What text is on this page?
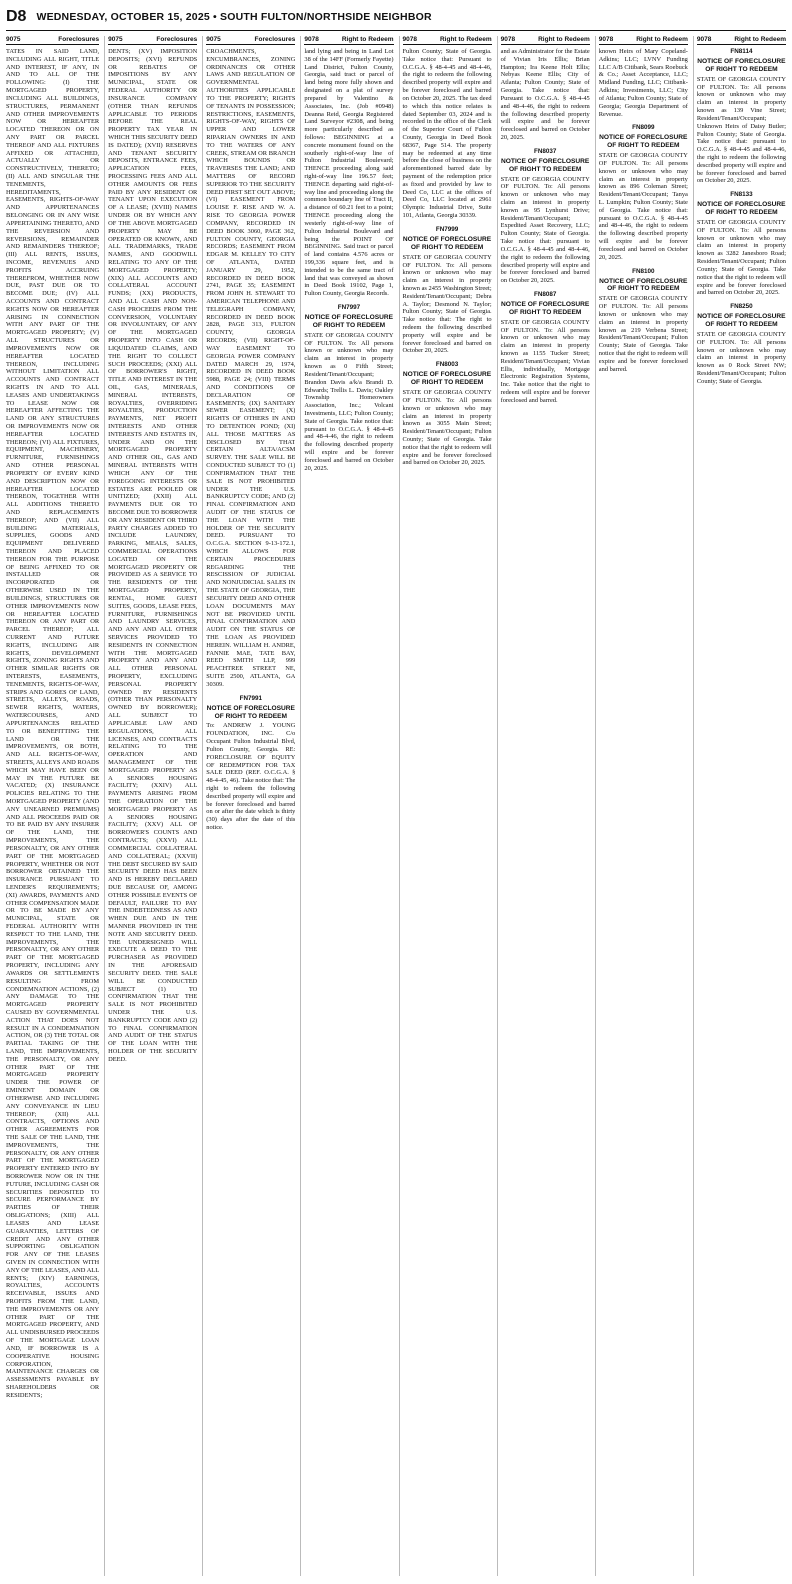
D8 WEDNESDAY, OCTOBER 15, 2025 • SOUTH FULTON/NORTHSIDE NEIGHBOR
9075	Foreclosures

TATES IN SAID LAND, INCLUDING ALL RIGHT, TITLE AND INTEREST, IF ANY, IN AND TO ALL OF THE FOLLOWING: (I) THE MORTGAGED PROPERTY, INCLUDING ALL BUILDINGS, STRUCTURES, PERMANENT AND OTHER IMPROVEMENTS NOW OR HEREAFTER LOCATED THEREON OR ON ANY PART OR PARCEL THEREOF AND ALL FIXTURES AFFIXED OR ATTACHED, ACTUALLY OR CONSTRUCTIVELY, THERETO; (II) ALL AND SINGULAR THE TENEMENTS, HEREDITAMENTS, EASEMENTS, RIGHTS-OF-WAY AND APPURTENANCES BELONGING OR IN ANY WISE APPERTAINING THERETO, AND THE REVERSION AND REVERSIONS, REMAINDER AND REMAINDERS THEREOF; (III) ALL RENTS, ISSUES, INCOME, REVENUES AND PROFITS ACCRUING THEREFROM, WHETHER NOW DUE, PAST DUE OR TO BECOME DUE; (IV) ALL ACCOUNTS AND CONTRACT RIGHTS NOW OR HEREAFTER ARISING IN CONNECTION WITH ANY PART OF THE MORTGAGED PROPERTY; (V) ALL STRUCTURES OR IMPROVEMENTS NOW OR HEREAFTER LOCATED THEREON, INCLUDING WITHOUT LIMITATION ALL ACCOUNTS AND CONTRACT RIGHTS IN AND TO ALL LEASES AND UNDERTAKINGS TO LEASE NOW OR HEREAFTER AFFECTING THE LAND OR ANY STRUCTURES OR IMPROVEMENTS NOW OR HEREAFTER LOCATED THEREON; (VI) ALL FIXTURES, EQUIPMENT, MACHINERY, FURNITURE, FURNISHINGS AND OTHER PERSONAL PROPERTY OF EVERY KIND AND DESCRIPTION NOW OR HEREAFTER LOCATED THEREON, TOGETHER WITH ALL ADDITIONS THERETO AND REPLACEMENTS THEREOF; AND (VII) ALL BUILDING MATERIALS, SUPPLIES, GOODS AND EQUIPMENT DELIVERED THEREON AND PLACED THEREON FOR THE PURPOSE OF BEING AFFIXED TO OR INSTALLED OR INCORPORATED OR OTHERWISE USED IN THE BUILDINGS, STRUCTURES OR OTHER IMPROVEMENTS NOW OR HEREAFTER LOCATED THEREON OR ANY PART OR PARCEL THEREOF; ALL CURRENT AND FUTURE RIGHTS, INCLUDING AIR RIGHTS, DEVELOPMENT RIGHTS, ZONING RIGHTS AND OTHER SIMILAR RIGHTS OR INTERESTS, EASEMENTS, TENEMENTS, RIGHTS-OF-WAY, STRIPS AND GORES OF LAND, STREETS, ALLEYS, ROADS, SEWER RIGHTS, WATERS, WATERCOURSES, AND APPURTENANCES RELATED TO OR BENEFITTING THE LAND OR THE IMPROVEMENTS, OR BOTH, AND ALL RIGHTS-OF-WAY, STREETS, ALLEYS AND ROADS WHICH MAY HAVE BEEN OR MAY IN THE FUTURE BE VACATED; (X) INSURANCE POLICIES RELATING TO THE MORTGAGED PROPERTY (AND ANY UNEARNED PREMIUMS) AND ALL PROCEEDS PAID OR TO BE PAID BY ANY INSURER OF THE LAND, THE IMPROVEMENTS, THE PERSONALTY, OR ANY OTHER PART OF THE MORTGAGED PROPERTY, WHETHER OR NOT BORROWER OBTAINED THE INSURANCE PURSUANT TO LENDER'S REQUIREMENTS; (XI) AWARDS, PAYMENTS AND OTHER COMPENSATION MADE OR TO BE MADE BY ANY MUNICIPAL, STATE OR FEDERAL AUTHORITY WITH RESPECT TO THE LAND, THE IMPROVEMENTS, THE PERSONALTY, OR ANY OTHER PART OF THE MORTGAGED PROPERTY, INCLUDING ANY AWARDS OR SETTLEMENTS RESULTING FROM CONDEMNATION ACTIONS, (2) ANY DAMAGE TO THE MORTGAGED PROPERTY CAUSED BY GOVERNMENTAL ACTION THAT DOES NOT RESULT IN A CONDEMNATION ACTION, OR (3) THE TOTAL OR PARTIAL TAKING OF THE LAND, THE IMPROVEMENTS, THE PERSONALTY, OR ANY OTHER PART OF THE MORTGAGED PROPERTY UNDER THE POWER OF EMINENT DOMAIN OR OTHERWISE AND INCLUDING ANY CONVEYANCE IN LIEU THEREOF; (XII) ALL CONTRACTS, OPTIONS AND OTHER AGREEMENTS FOR THE SALE OF THE LAND, THE IMPROVEMENTS, THE PERSONALTY, OR ANY OTHER PART OF THE MORTGAGED PROPERTY ENTERED INTO BY BORROWER NOW OR IN THE FUTURE, INCLUDING CASH OR SECURITIES DEPOSITED TO SECURE PERFORMANCE BY PARTIES OF THEIR OBLIGATIONS; (XIII) ALL LEASES AND LEASE GUARANTIES, LETTERS OF CREDIT AND ANY OTHER SUPPORTING OBLIGATION FOR ANY OF THE LEASES GIVEN IN CONNECTION WITH ANY OF THE LEASES, AND ALL RENTS; (XIV) EARNINGS, ROYALTIES, ACCOUNTS RECEIVABLE, ISSUES AND PROFITS FROM THE LAND, THE IMPROVEMENTS OR ANY OTHER PART OF THE MORTGAGED PROPERTY, AND ALL UNDISBURSED PROCEEDS OF THE MORTGAGE LOAN AND, IF BORROWER IS A COOPERATIVE HOUSING CORPORATION, MAINTENANCE CHARGES OR ASSESSMENTS PAYABLE BY SHAREHOLDERS OR RESIDENTS;

9075	Foreclosures

DENTS; (XV) IMPOSITION DEPOSITS; (XVI) REFUNDS OR REBATES OF IMPOSITIONS BY ANY MUNICIPAL, STATE OR FEDERAL AUTHORITY OR INSURANCE COMPANY (OTHER THAN REFUNDS APPLICABLE TO PERIODS BEFORE THE REAL PROPERTY TAX YEAR IN WHICH THIS SECURITY DEED IS DATED); (XVII) RESERVES AND TENANT SECURITY DEPOSITS, ENTRANCE FEES, APPLICATION FEES, PROCESSING FEES AND ALL OTHER AMOUNTS OR FEES PAID BY ANY RESIDENT OR TENANT UPON EXECUTION OF A LEASE; (XVIII) NAMES UNDER OR BY WHICH ANY OF THE ABOVE MORTGAGED PROPERTY MAY BE OPERATED OR KNOWN, AND ALL TRADEMARKS, TRADE NAMES, AND GOODWILL RELATING TO ANY OF THE MORTGAGED PROPERTY; (XIX) ALL ACCOUNTS AND COLLATERAL ACCOUNT FUNDS; (XX) PRODUCTS, AND ALL CASH AND NON-CASH PROCEEDS FROM THE CONVERSION, VOLUNTARY OR INVOLUNTARY, OF ANY OF THE MORTGAGED PROPERTY INTO CASH OR LIQUIDATED CLAIMS, AND THE RIGHT TO COLLECT SUCH PROCEEDS; (XXI) ALL OF BORROWER'S RIGHT, TITLE AND INTEREST IN THE OIL, GAS, MINERALS, MINERAL INTERESTS, ROYALTIES, OVERRIDING ROYALTIES, PRODUCTION PAYMENTS, NET PROFIT INTERESTS AND OTHER INTERESTS AND ESTATES IN, UNDER AND ON THE MORTGAGED PROPERTY AND OTHER OIL, GAS AND MINERAL INTERESTS WITH WHICH ANY OF THE FOREGOING INTERESTS OR ESTATES ARE POOLED OR UNITIZED; (XXII) ALL PAYMENTS DUE OR TO BECOME DUE TO BORROWER OR ANY RESIDENT OR THIRD PARTY CHARGES ADDED TO INCLUDE LAUNDRY, PARKING, MEALS, SALES, COMMERCIAL OPERATIONS LOCATED ON THE MORTGAGED PROPERTY OR PROVIDED AS A SERVICE TO THE RESIDENTS OF THE MORTGAGED PROPERTY, RENTAL, HOME GUEST SUITES, GOODS, LEASE FEES, FURNITURE, FURNISHINGS AND LAUNDRY SERVICES, AND ANY AND ALL OTHER SERVICES PROVIDED TO RESIDENTS IN CONNECTION WITH THE MORTGAGED PROPERTY AND ANY AND ALL OTHER PERSONAL PROPERTY, EXCLUDING PERSONAL PROPERTY OWNED BY RESIDENTS (OTHER THAN PERSONALTY OWNED BY BORROWER); ALL SUBJECT TO APPLICABLE LAW AND REGULATIONS, ALL LICENSES, AND CONTRACTS RELATING TO THE OPERATION AND MANAGEMENT OF THE MORTGAGED PROPERTY AS A SENIORS HOUSING FACILITY; (XXIV) ALL PAYMENTS ARISING FROM THE OPERATION OF THE MORTGAGED PROPERTY AS A SENIORS HOUSING FACILITY; (XXV) ALL OF BORROWER'S COUNTS AND CONTRACTS; (XXVI) ALL COMMERCIAL COLLATERAL AND COLLATERAL; (XXVII) THE DEBT SECURED BY SAID SECURITY DEED HAS BEEN AND IS HEREBY DECLARED DUE BECAUSE OF, AMONG OTHER POSSIBLE EVENTS OF DEFAULT, FAILURE TO PAY THE INDEBTEDNESS AS AND WHEN DUE AND IN THE MANNER PROVIDED IN THE NOTE AND SECURITY DEED. THE UNDERSIGNED WILL EXECUTE A DEED TO THE PURCHASER AS PROVIDED IN THE AFORESAID SECURITY DEED. THE SALE WILL BE CONDUCTED SUBJECT (1) TO CONFIRMATION THAT THE SALE IS NOT PROHIBITED UNDER THE U.S. BANKRUPTCY CODE AND (2) TO FINAL CONFIRMATION AND AUDIT OF THE STATUS OF THE LOAN WITH THE HOLDER OF THE SECURITY DEED.

9075	Foreclosures

CROACHMENTS, ENCUMBRANCES, ZONING ORDINANCES OR OTHER LAWS AND REGULATION OF GOVERNMENTAL AUTHORITIES APPLICABLE TO THE PROPERTY; RIGHTS OF TENANTS IN POSSESSION; RESTRICTIONS, EASEMENTS, RIGHTS-OF-WAY, RIGHTS OF UPPER AND LOWER RIPARIAN OWNERS IN AND TO THE WATERS OF ANY CREEK, STREAM OR BRANCH WHICH BOUNDS OR TRAVERSES THE LAND; AND MATTERS OF RECORD SUPERIOR TO THE SECURITY DEED FIRST SET OUT ABOVE; (VI) EASEMENT FROM LOUISE F. RISE AND W. A. RISE TO GEORGIA POWER COMPANY, RECORDED IN DEED BOOK 3060, PAGE 362, FULTON COUNTY, GEORGIA RECORDS; EASEMENT FROM EDGAR M. KELLEY TO CITY OF ATLANTA, DATED JANUARY 29, 1952, RECORDED IN DEED BOOK 2741, PAGE 35; EASEMENT FROM JOHN H. STEWART TO AMERICAN TELEPHONE AND TELEGRAPH COMPANY, RECORDED IN DEED BOOK 2828, PAGE 313, FULTON COUNTY, GEORGIA RECORDS; (VII) RIGHT-OF-WAY EASEMENT TO GEORGIA POWER COMPANY DATED MARCH 29, 1974, RECORDED IN DEED BOOK 5988, PAGE 24; (VIII) TERMS AND CONDITIONS OF DECLARATION OF EASEMENTS; (IX) SANITARY SEWER EASEMENT; (X) RIGHTS OF OTHERS IN AND TO DETENTION POND; (XI) ALL THOSE MATTERS AS DISCLOSED BY THAT CERTAIN ALTA/ACSM SURVEY. THE SALE WILL BE CONDUCTED SUBJECT TO (1) CONFIRMATION THAT THE SALE IS NOT PROHIBITED UNDER THE U.S. BANKRUPTCY CODE; AND (2) FINAL CONFIRMATION AND AUDIT OF THE STATUS OF THE LOAN WITH THE HOLDER OF THE SECURITY DEED. PURSUANT TO O.C.G.A. SECTION 9-13-172.1, WHICH ALLOWS FOR CERTAIN PROCEDURES REGARDING THE RESCISSION OF JUDICIAL AND NONJUDICIAL SALES IN THE STATE OF GEORGIA, THE SECURITY DEED AND OTHER LOAN DOCUMENTS MAY NOT BE PROVIDED UNTIL FINAL CONFIRMATION AND AUDIT ON THE STATUS OF THE LOAN AS PROVIDED HEREIN. WILLIAM H. ANDRE, FANNIE MAE, TATE BAY, REED SMITH LLP, 999 PEACHTREE STREET NE, SUITE 2500, ATLANTA, GA 30309.

FN7991
NOTICE OF FORECLOSURE OF RIGHT TO REDEEM

To: ANDREW J. YOUNG FOUNDATION, INC. C/o Occupant Fulton Industrial Blvd, Fulton County, Georgia. RE: FORECLOSURE OF EQUITY OF REDEMPTION FOR TAX SALE DEED (REF. O.C.G.A. § 48-4-45, 46). Take notice that: The right to redeem the following described property will expire and be forever foreclosed and barred on or after the date which is thirty (30) days after the date of this notice.

9078	Right to Redeem

land lying and being in Land Lot 38 of the 14FF (Formerly Fayette) Land District, Fulton County, Georgia, said tract or parcel of land being more fully shown and designated on a plat of survey prepared by Valentino & Associates, Inc. (Job #0948) Deanna Reid, Georgia Registered Land Surveyor #2308, and being more particularly described as follows: BEGINNING at a concrete monument found on the southerly right-of-way line of Fulton Industrial Boulevard; THENCE proceeding along said right-of-way line 196.57 feet; THENCE departing said right-of-way line and proceeding along the common boundary line of Tract II, a distance of 60.21 feet to a point; THENCE proceeding along the westerly right-of-way line of Fulton Industrial Boulevard and being the POINT OF BEGINNING. Said tract or parcel of land contains 4.576 acres or 199,336 square feet, and is intended to be the same tract of land that was conveyed as shown in Deed Book 19102, Page 1, Fulton County, Georgia Records.

FN7997
NOTICE OF FORECLOSURE OF RIGHT TO REDEEM

STATE OF GEORGIA COUNTY OF FULTON. To: All persons known or unknown who may claim an interest in property known as 0 Fifth Street; Resident/Tenant/Occupant; Brandon Davis a/k/a Brandi D. Edwards; Trellis L. Davis; Oakley Township Homeowners Association, Inc.; Volcani Investments, LLC; Fulton County; State of Georgia. Take notice that: pursuant to O.C.G.A. § 48-4-45 and 48-4-46, the right to redeem the following described property will expire and be forever foreclosed and barred on October 20, 2025.

9078	Right to Redeem

Fulton County; State of Georgia. Take notice that: Pursuant to O.C.G.A. § 48-4-45 and 48-4-46, the right to redeem the following described property will expire and be forever foreclosed and barred on October 20, 2025. The tax deed to which this notice relates is dated September 03, 2024 and is recorded in the office of the Clerk of the Superior Court of Fulton County, Georgia in Deed Book 68367, Page 514. The property may be redeemed at any time before the close of business on the aforementioned barred date by payment of the redemption price as fixed and provided by law to Deed Co, LLC at the offices of Deed Co, LLC located at 2961 Olympic Industrial Drive, Suite 101, Atlanta, Georgia 30339.

FN7999
NOTICE OF FORECLOSURE OF RIGHT TO REDEEM

STATE OF GEORGIA COUNTY OF FULTON. To: All persons known or unknown who may claim an interest in property known as 2455 Washington Street; Resident/Tenant/Occupant; Debra A. Taylor; Desmond N. Taylor; Fulton County; State of Georgia. Take notice that: The right to redeem the following described property will expire and be forever foreclosed and barred on October 20, 2025.

FN8003
NOTICE OF FORECLOSURE OF RIGHT TO REDEEM

STATE OF GEORGIA COUNTY OF FULTON. To: All persons known or unknown who may claim an interest in property known as 3055 Main Street; Resident/Tenant/Occupant; Fulton County; State of Georgia. Take notice that the right to redeem will expire and be forever foreclosed and barred on October 20, 2025.

9078	Right to Redeem

and as Administrator for the Estate of Vivian Iris Ellis; Brian Hampton; Ira Keene Holt Ellis; Nebyas Keene Ellis; City of Atlanta; Fulton County; State of Georgia. Take notice that: Pursuant to O.C.G.A. § 48-4-45 and 48-4-46, the right to redeem the following described property will expire and be forever foreclosed and barred on October 20, 2025.

FN8037
NOTICE OF FORECLOSURE OF RIGHT TO REDEEM

STATE OF GEORGIA COUNTY OF FULTON. To: All persons known or unknown who may claim an interest in property known as 95 Lynhurst Drive; Resident/Tenant/Occupant; Expedited Asset Recovery, LLC; Fulton County; State of Georgia. Take notice that: pursuant to O.C.G.A. § 48-4-45 and 48-4-46, the right to redeem the following described property will expire and be forever foreclosed and barred on October 20, 2025.

FN8087
NOTICE OF FORECLOSURE OF RIGHT TO REDEEM

STATE OF GEORGIA COUNTY OF FULTON. To: All persons known or unknown who may claim an interest in property known as 1155 Tucker Street; Resident/Tenant/Occupant; Vivian Ellis, individually, Mortgage Electronic Registration Systems, Inc. Take notice that the right to redeem will expire and be forever foreclosed and barred.

9078	Right to Redeem

known Heirs of Mary Copeland-Adkins; LLC; LVNV Funding LLC A/B Citibank, Sears Roebuck & Co.; Asset Acceptance, LLC; Midland Funding, LLC; Citibank-Adkins; Investments, LLC; City of Atlanta; Fulton County; State of Georgia; Georgia Department of Revenue.

FN8099
NOTICE OF FORECLOSURE OF RIGHT TO REDEEM

STATE OF GEORGIA COUNTY OF FULTON. To: All persons known or unknown who may claim an interest in property known as 896 Coleman Street; Resident/Tenant/Occupant; Tanya L. Lumpkin; Fulton County; State of Georgia. Take notice that: pursuant to O.C.G.A. § 48-4-45 and 48-4-46, the right to redeem the following described property will expire and be forever foreclosed and barred on October 20, 2025.

FN8100
NOTICE OF FORECLOSURE OF RIGHT TO REDEEM

STATE OF GEORGIA COUNTY OF FULTON. To: All persons known or unknown who may claim an interest in property known as 219 Verbena Street; Resident/Tenant/Occupant; Fulton County; State of Georgia. Take notice that the right to redeem will expire and be forever foreclosed and barred.

9078	Right to Redeem
FN8114
NOTICE OF FORECLOSURE OF RIGHT TO REDEEM

STATE OF GEORGIA COUNTY OF FULTON. To: All persons known or unknown who may claim an interest in property known as 139 Vine Street; Resident/Tenant/Occupant; Unknown Heirs of Daisy Butler; Fulton County; State of Georgia. Take notice that: pursuant to O.C.G.A. § 48-4-45 and 48-4-46, the right to redeem the following described property will expire and be forever foreclosed and barred on October 20, 2025.

FN8133
NOTICE OF FORECLOSURE OF RIGHT TO REDEEM

STATE OF GEORGIA COUNTY OF FULTON. To: All persons known or unknown who may claim an interest in property known as 3282 Janesboro Road; Resident/Tenant/Occupant; Fulton County; State of Georgia. Take notice that the right to redeem will expire and be forever foreclosed and barred on October 20, 2025.

FN8250
NOTICE OF FORECLOSURE OF RIGHT TO REDEEM

STATE OF GEORGIA COUNTY OF FULTON. To: All persons known or unknown who may claim an interest in property known as 0 Rock Street NW; Resident/Tenant/Occupant; Fulton County; State of Georgia.
